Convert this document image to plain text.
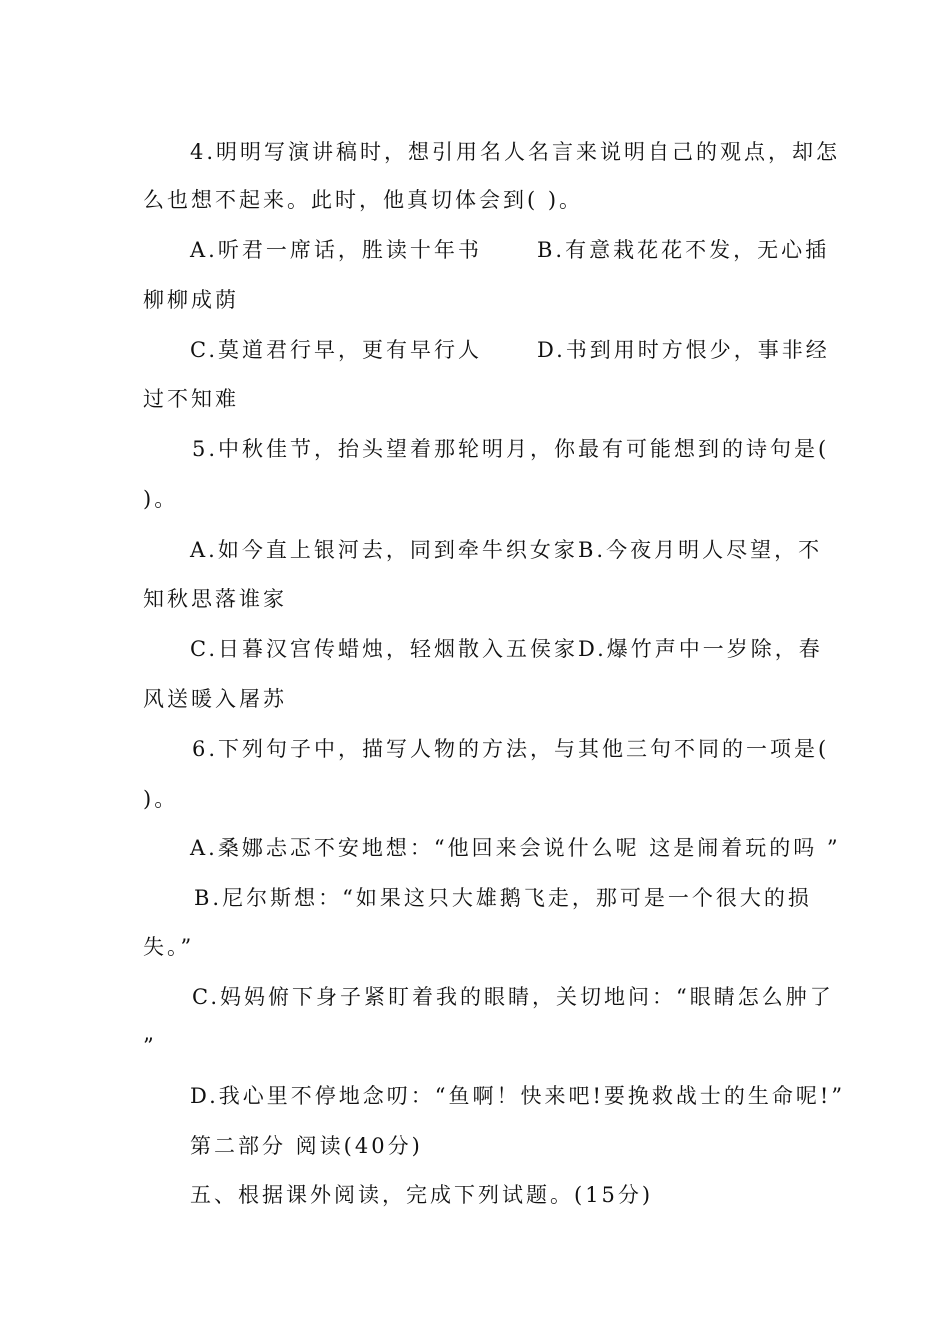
4.明明写演讲稿时，想引用名人名言来说明自己的观点，却怎
么也想不起来。此时，他真切体会到( )。
A.听君一席话，胜读十年书	B.有意栽花花不发，无心插
柳柳成荫
C.莫道君行早，更有早行人	D.书到用时方恨少，事非经
过不知难
5.中秋佳节，抬头望着那轮明月，你最有可能想到的诗句是(
)。
A.如今直上银河去，同到牵牛织女家 B.今夜月明人尽望，不
知秋思落谁家
C.日暮汉宫传蜡烛，轻烟散入五侯家 D.爆竹声中一岁除，春
风送暖入屠苏
6.下列句子中，描写人物的方法，与其他三句不同的一项是(
)。
A.桑娜忐忑不安地想：“他回来会说什么呢 这是闹着玩的吗 ”
B.尼尔斯想：“如果这只大雄鹅飞走，那可是一个很大的损
失。”
C.妈妈俯下身子紧盯着我的眼睛，关切地问：“眼睛怎么肿了
”
D.我心里不停地念叨：“鱼啊！快来吧!要挽救战士的生命呢!”
第二部分 阅读(40分)
五、根据课外阅读，完成下列试题。(15分)
